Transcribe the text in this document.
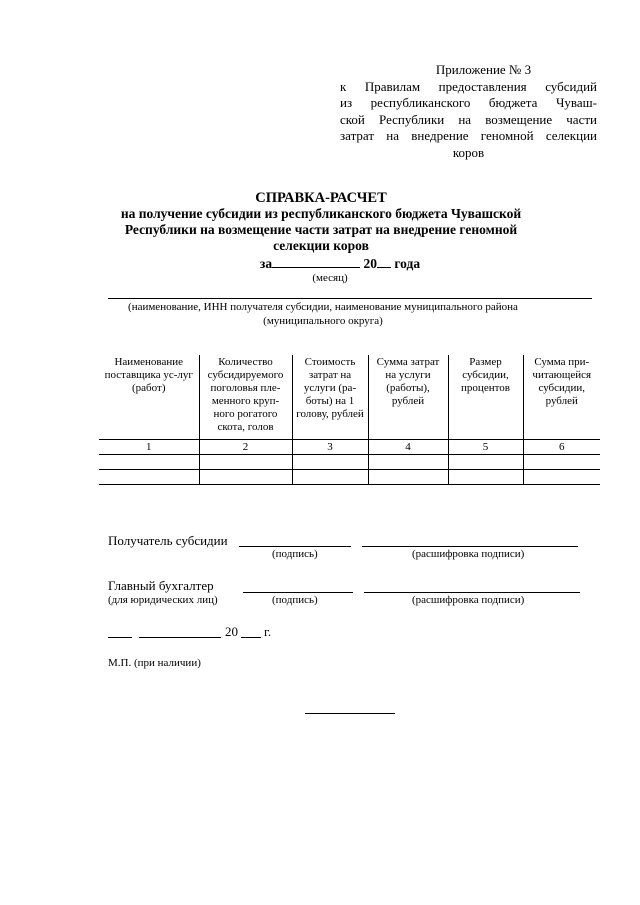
Приложение № 3
к Правилам предоставления субсидий
из республиканского бюджета Чуваш-
ской Республики на возмещение части
затрат на внедрение геномной селекции
коров
СПРАВКА-РАСЧЕТ
на получение субсидии из республиканского бюджета Чувашской
Республики на возмещение части затрат на внедрение геномной
селекции коров
за	20 года
(месяц)
(наименование, ИНН получателя субсидии, наименование муниципального района
(муниципального округа)
Наименование поставщика ус-луг (работ)	Количество субсидируемого поголовья пле-менного круп-ного рогатого скота, голов	Стоимость затрат на услуги (ра-боты) на 1 голову, рублей	Сумма затрат на услуги (работы), рублей	Размер субсидии, процентов	Сумма при-читающейся субсидии, рублей
1	2	3	4	5	6

Получатель субсидии
(подпись)	(расшифровка подписи)
Главный бухгалтер
(для юридических лиц)	(подпись)	(расшифровка подписи)
20 г.
М.П. (при наличии)
